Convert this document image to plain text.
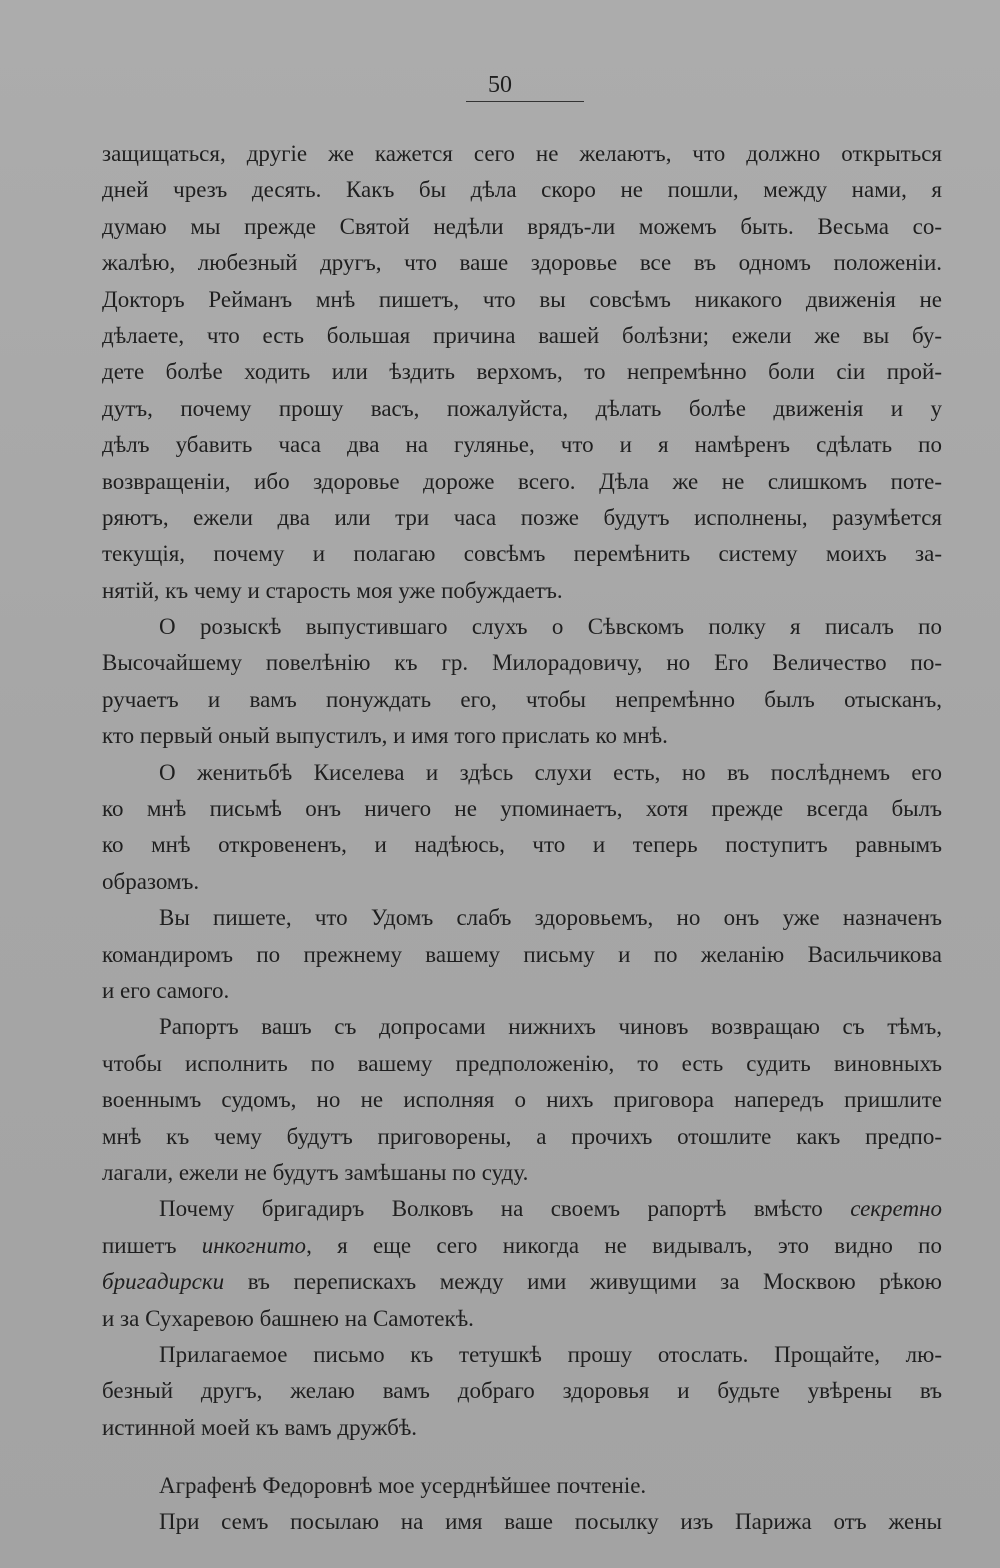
50
защищаться, другіе же кажется сего не желаютъ, что должно открыться
дней чрезъ десять. Какъ бы дѣла скоро не пошли, между нами, я
думаю мы прежде Святой недѣли врядъ-ли можемъ быть. Весьма со-
жалѣю, любезный другъ, что ваше здоровье все въ одномъ положеніи.
Докторъ Рейманъ мнѣ пишетъ, что вы совсѣмъ никакого движенія не
дѣлаете, что есть большая причина вашей болѣзни; ежели же вы бу-
дете болѣе ходить или ѣздить верхомъ, то непремѣнно боли сіи прой-
дутъ, почему прошу васъ, пожалуйста, дѣлать болѣе движенія и у
дѣлъ убавить часа два на гулянье, что и я намѣренъ сдѣлать по
возвращеніи, ибо здоровье дороже всего. Дѣла же не слишкомъ поте-
ряютъ, ежели два или три часа позже будутъ исполнены, разумѣется
текущія, почему и полагаю совсѣмъ перемѣнить систему моихъ за-
нятій, къ чему и старость моя уже побуждаетъ.
О розыскѣ выпустившаго слухъ о Сѣвскомъ полку я писалъ по
Высочайшему повелѣнію къ гр. Милорадовичу, но Его Величество по-
ручаетъ и вамъ понуждать его, чтобы непремѣнно былъ отысканъ,
кто первый оный выпустилъ, и имя того прислать ко мнѣ.
О женитьбѣ Киселева и здѣсь слухи есть, но въ послѣднемъ его
ко мнѣ письмѣ онъ ничего не упоминаетъ, хотя прежде всегда былъ
ко мнѣ откровененъ, и надѣюсь, что и теперь поступитъ равнымъ
образомъ.
Вы пишете, что Удомъ слабъ здоровьемъ, но онъ уже назначенъ
командиромъ по прежнему вашему письму и по желанію Васильчикова
и его самого.
Рапортъ вашъ съ допросами нижнихъ чиновъ возвращаю съ тѣмъ,
чтобы исполнить по вашему предположенію, то есть судить виновныхъ
военнымъ судомъ, но не исполняя о нихъ приговора напередъ пришлите
мнѣ къ чему будутъ приговорены, а прочихъ отошлите какъ предпо-
лагали, ежели не будутъ замѣшаны по суду.
Почему бригадиръ Волковъ на своемъ рапортѣ вмѣсто секретно
пишетъ инкогнито, я еще сего никогда не видывалъ, это видно по
бригадирски въ перепискахъ между ими живущими за Москвою рѣкою
и за Сухаревою башнею на Самотекѣ.
Прилагаемое письмо къ тетушкѣ прошу отослать. Прощайте, лю-
безный другъ, желаю вамъ добраго здоровья и будьте увѣрены въ
истинной моей къ вамъ дружбѣ.
Аграфенѣ Федоровнѣ мое усерднѣйшее почтеніе.
При семъ посылаю на имя ваше посылку изъ Парижа отъ жены
